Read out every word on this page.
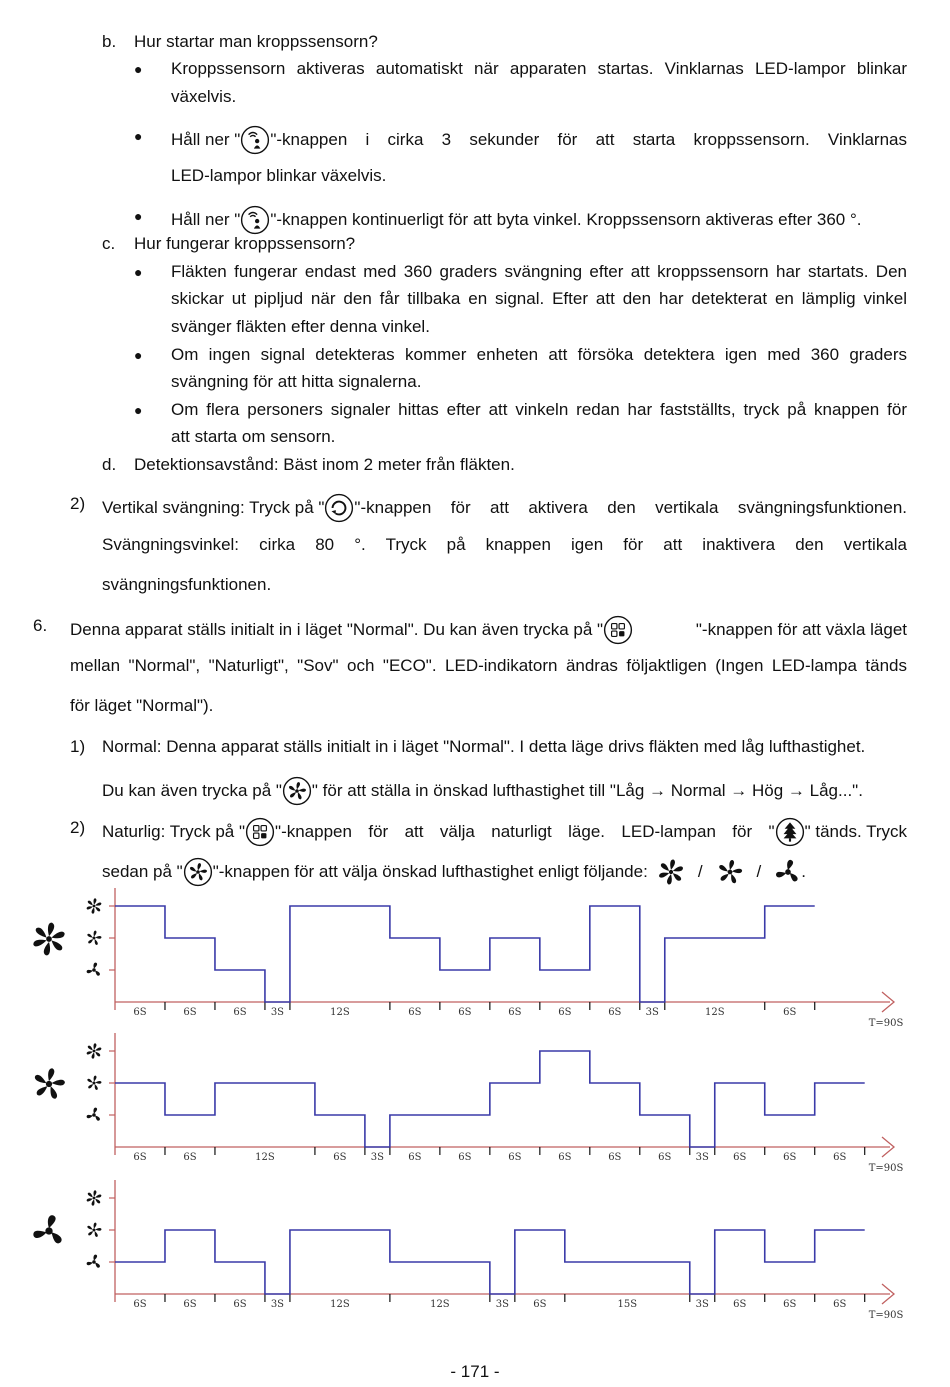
b. Hur startar man kroppssensorn?
● Kroppssensorn aktiveras automatiskt när apparaten startas. Vinklarnas LED-lampor blinkar
växelvis.
● Håll ner " "-knappen i cirka 3 sekunder för att starta kroppssensorn. Vinklarnas
LED-lampor blinkar växelvis.
● Håll ner " "-knappen kontinuerligt för att byta vinkel. Kroppssensorn aktiveras efter 360 °.
c. Hur fungerar kroppssensorn?
● Fläkten fungerar endast med 360 graders svängning efter att kroppssensorn har startats. Den
skickar ut pipljud när den får tillbaka en signal. Efter att den har detekterat en lämplig vinkel
svänger fläkten efter denna vinkel.
● Om ingen signal detekteras kommer enheten att försöka detektera igen med 360 graders
svängning för att hitta signalerna.
● Om flera personers signaler hittas efter att vinkeln redan har fastställts, tryck på knappen för
att starta om sensorn.
d. Detektionsavstånd: Bäst inom 2 meter från fläkten.
2) Vertikal svängning: Tryck på " "-knappen för att aktivera den vertikala svängningsfunktionen.
Svängningsvinkel: cirka 80 °. Tryck på knappen igen för att inaktivera den vertikala
svängningsfunktionen.
6. Denna apparat ställs initialt in i läget "Normal". Du kan även trycka på "	"-knappen för att växla läget
mellan "Normal", "Naturligt", "Sov" och "ECO". LED-indikatorn ändras följaktligen (Ingen LED-lampa tänds
för läget "Normal").
1) Normal: Denna apparat ställs initialt in i läget "Normal". I detta läge drivs fläkten med låg lufthastighet.
Du kan även trycka på " " för att ställa in önskad lufthastighet till "Låg → Normal → Hög → Låg...".
2) Naturlig: Tryck på " "-knappen för att välja naturligt läge. LED-lampan för " " tänds. Tryck
sedan på " "-knappen för att välja önskad lufthastighet enligt följande:	/	/ .
6S	6S	6S 3S	12S	6S	6S	6S	6S	6S 3S	12S	6S
T=90S
6S	6S	12S	6S 3S 6S	6S	6S	6S	6S	6S 3S 6S	6S	6S
T=90S
6S	6S	6S 3S	12S	12S	3S 6S	15S	3S 6S	6S	6S
T=90S
- 171 -
